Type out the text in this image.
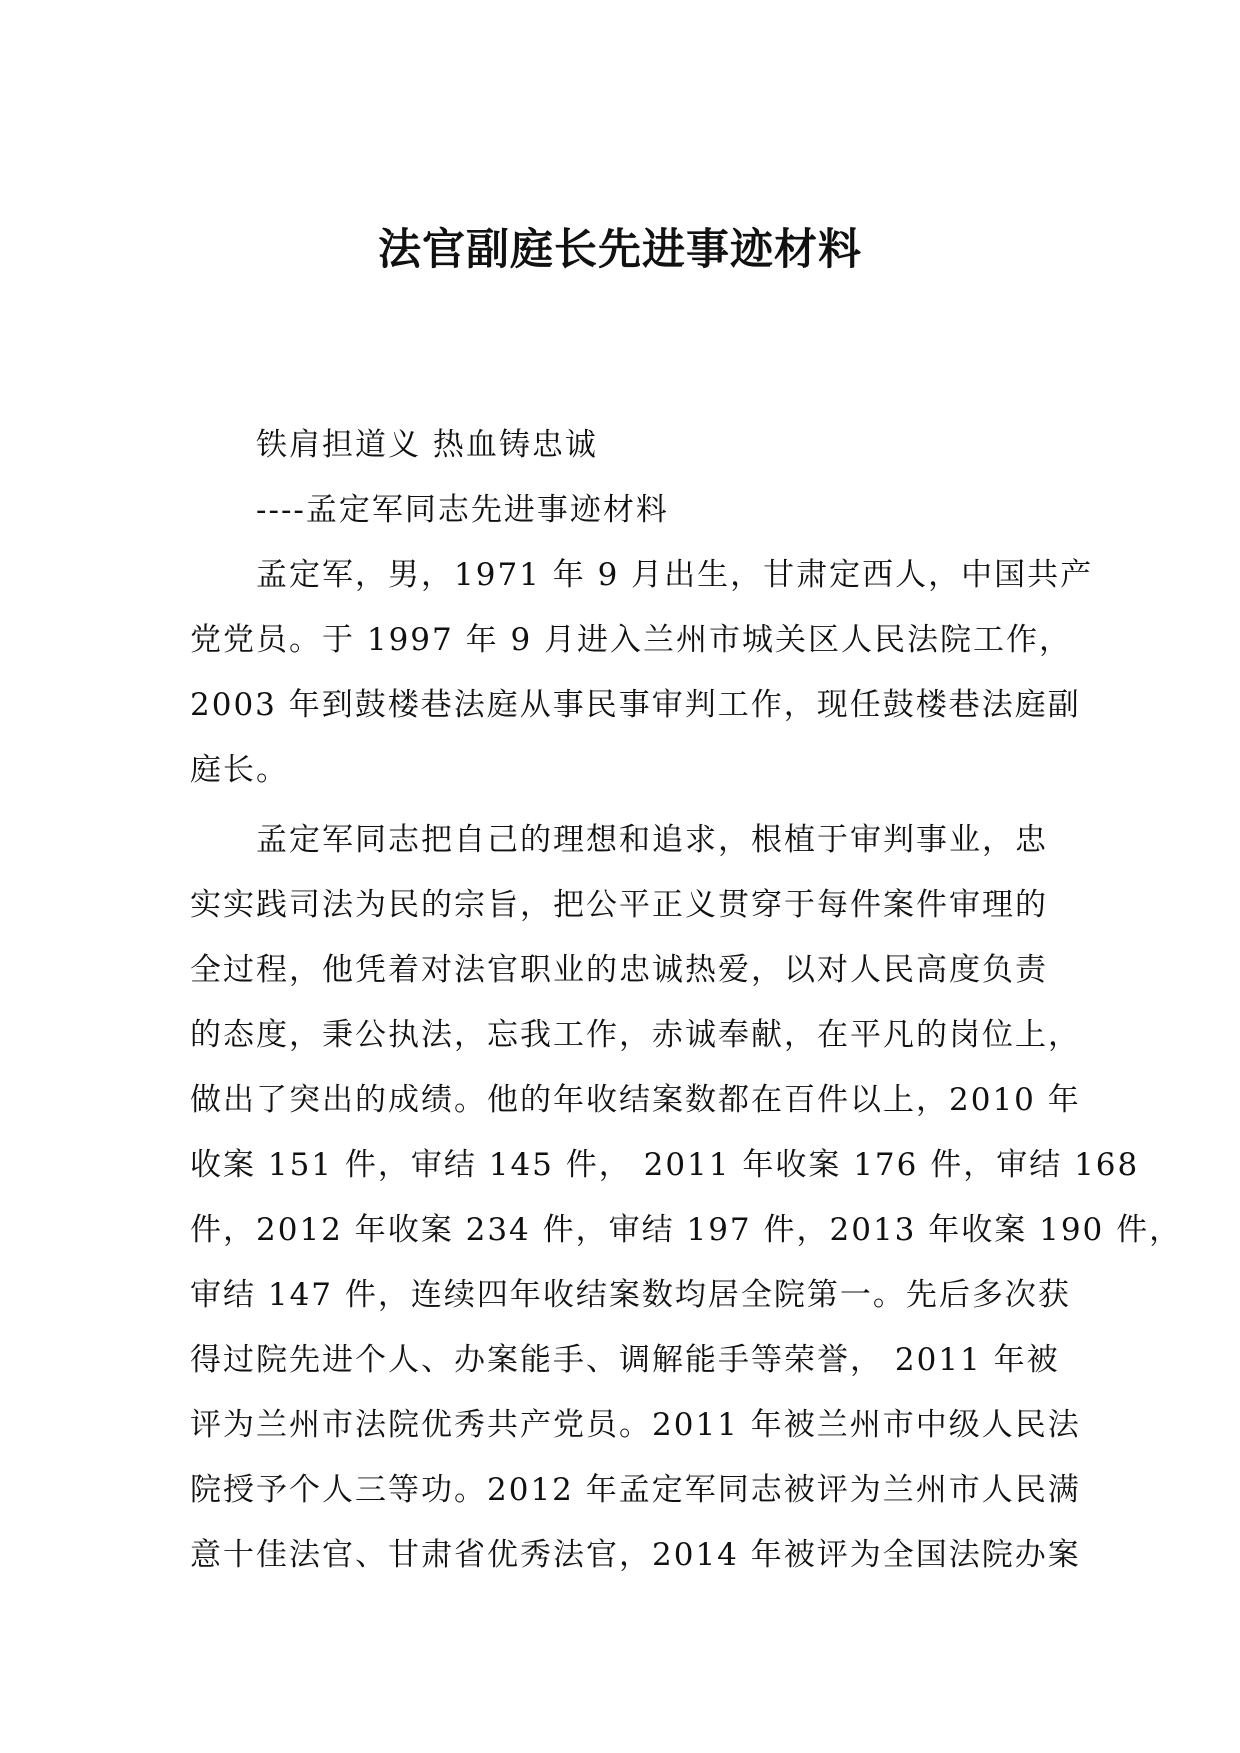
法官副庭长先进事迹材料
铁肩担道义 热血铸忠诚
----孟定军同志先进事迹材料
孟定军，男，1971 年 9 月出生，甘肃定西人，中国共产
党党员。于 1997 年 9 月进入兰州市城关区人民法院工作，
2003 年到鼓楼巷法庭从事民事审判工作，现任鼓楼巷法庭副
庭长。
孟定军同志把自己的理想和追求，根植于审判事业，忠
实实践司法为民的宗旨，把公平正义贯穿于每件案件审理的
全过程，他凭着对法官职业的忠诚热爱，以对人民高度负责
的态度，秉公执法，忘我工作，赤诚奉献，在平凡的岗位上，
做出了突出的成绩。他的年收结案数都在百件以上，2010 年
收案 151 件，审结 145 件， 2011 年收案 176 件，审结 168
件，2012 年收案 234 件，审结 197 件，2013 年收案 190 件，
审结 147 件，连续四年收结案数均居全院第一。先后多次获
得过院先进个人、办案能手、调解能手等荣誉， 2011 年被
评为兰州市法院优秀共产党员。2011 年被兰州市中级人民法
院授予个人三等功。2012 年孟定军同志被评为兰州市人民满
意十佳法官、甘肃省优秀法官，2014 年被评为全国法院办案
